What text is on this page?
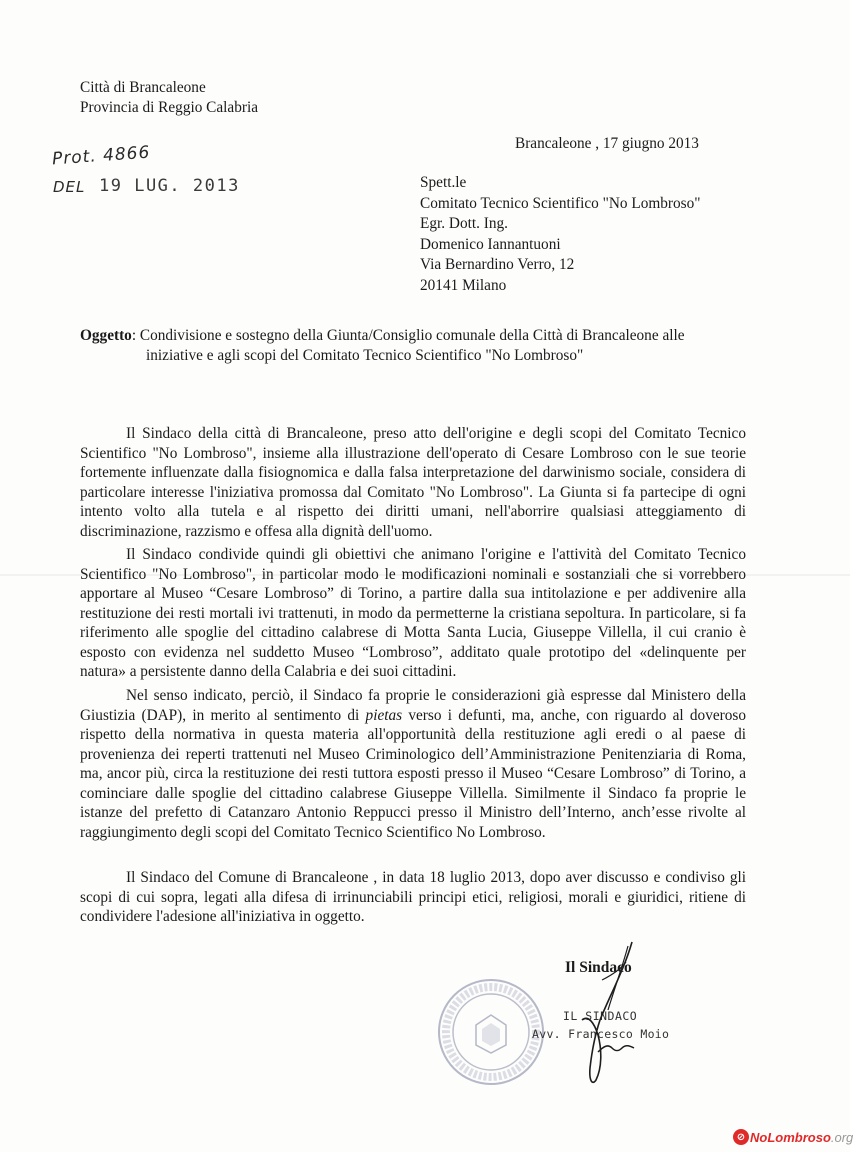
Città di Brancaleone
Provincia di Reggio Calabria
Brancaleone , 17 giugno 2013
Prot. 4866
DEL 19 LUG. 2013	Spett.le
Comitato Tecnico Scientifico "No Lombroso"
Egr. Dott. Ing.
Domenico Iannantuoni
Via Bernardino Verro, 12
20141 Milano
Oggetto: Condivisione e sostegno della Giunta/Consiglio comunale della Città di Brancaleone alle
iniziative e agli scopi del Comitato Tecnico Scientifico "No Lombroso"

Il Sindaco della città di Brancaleone, preso atto dell'origine e degli scopi del Comitato Tecnico Scientifico "No Lombroso", insieme alla illustrazione dell'operato di Cesare Lombroso con le sue teorie fortemente influenzate dalla fisiognomica e dalla falsa interpretazione del darwinismo sociale, considera di particolare interesse l'iniziativa promossa dal Comitato "No Lombroso". La Giunta si fa partecipe di ogni intento volto alla tutela e al rispetto dei diritti umani, nell'aborrire qualsiasi atteggiamento di discriminazione, razzismo e offesa alla dignità dell'uomo.

Il Sindaco condivide quindi gli obiettivi che animano l'origine e l'attività del Comitato Tecnico Scientifico "No Lombroso", in particolar modo le modificazioni nominali e sostanziali che si vorrebbero apportare al Museo “Cesare Lombroso” di Torino, a partire dalla sua intitolazione e per addivenire alla restituzione dei resti mortali ivi trattenuti, in modo da permetterne la cristiana sepoltura. In particolare, si fa riferimento alle spoglie del cittadino calabrese di Motta Santa Lucia, Giuseppe Villella, il cui cranio è esposto con evidenza nel suddetto Museo “Lombroso”, additato quale prototipo del «delinquente per natura» a persistente danno della Calabria e dei suoi cittadini.

Nel senso indicato, perciò, il Sindaco fa proprie le considerazioni già espresse dal Ministero della Giustizia (DAP), in merito al sentimento di pietas verso i defunti, ma, anche, con riguardo al doveroso rispetto della normativa in questa materia all'opportunità della restituzione agli eredi o al paese di provenienza dei reperti trattenuti nel Museo Criminologico dell’Amministrazione Penitenziaria di Roma, ma, ancor più, circa la restituzione dei resti tuttora esposti presso il Museo “Cesare Lombroso” di Torino, a cominciare dalle spoglie del cittadino calabrese Giuseppe Villella. Similmente il Sindaco fa proprie le istanze del prefetto di Catanzaro Antonio Reppucci presso il Ministro dell’Interno, anch’esse rivolte al raggiungimento degli scopi del Comitato Tecnico Scientifico No Lombroso.

Il Sindaco del Comune di Brancaleone , in data 18 luglio 2013, dopo aver discusso e condiviso gli scopi di cui sopra, legati alla difesa di irrinunciabili principi etici, religiosi, morali e giuridici, ritiene di condividere l'adesione all'iniziativa in oggetto.

Il Sindaco
IL SINDACO
Avv. Francesco Moio
⊘ NoLombroso .org
